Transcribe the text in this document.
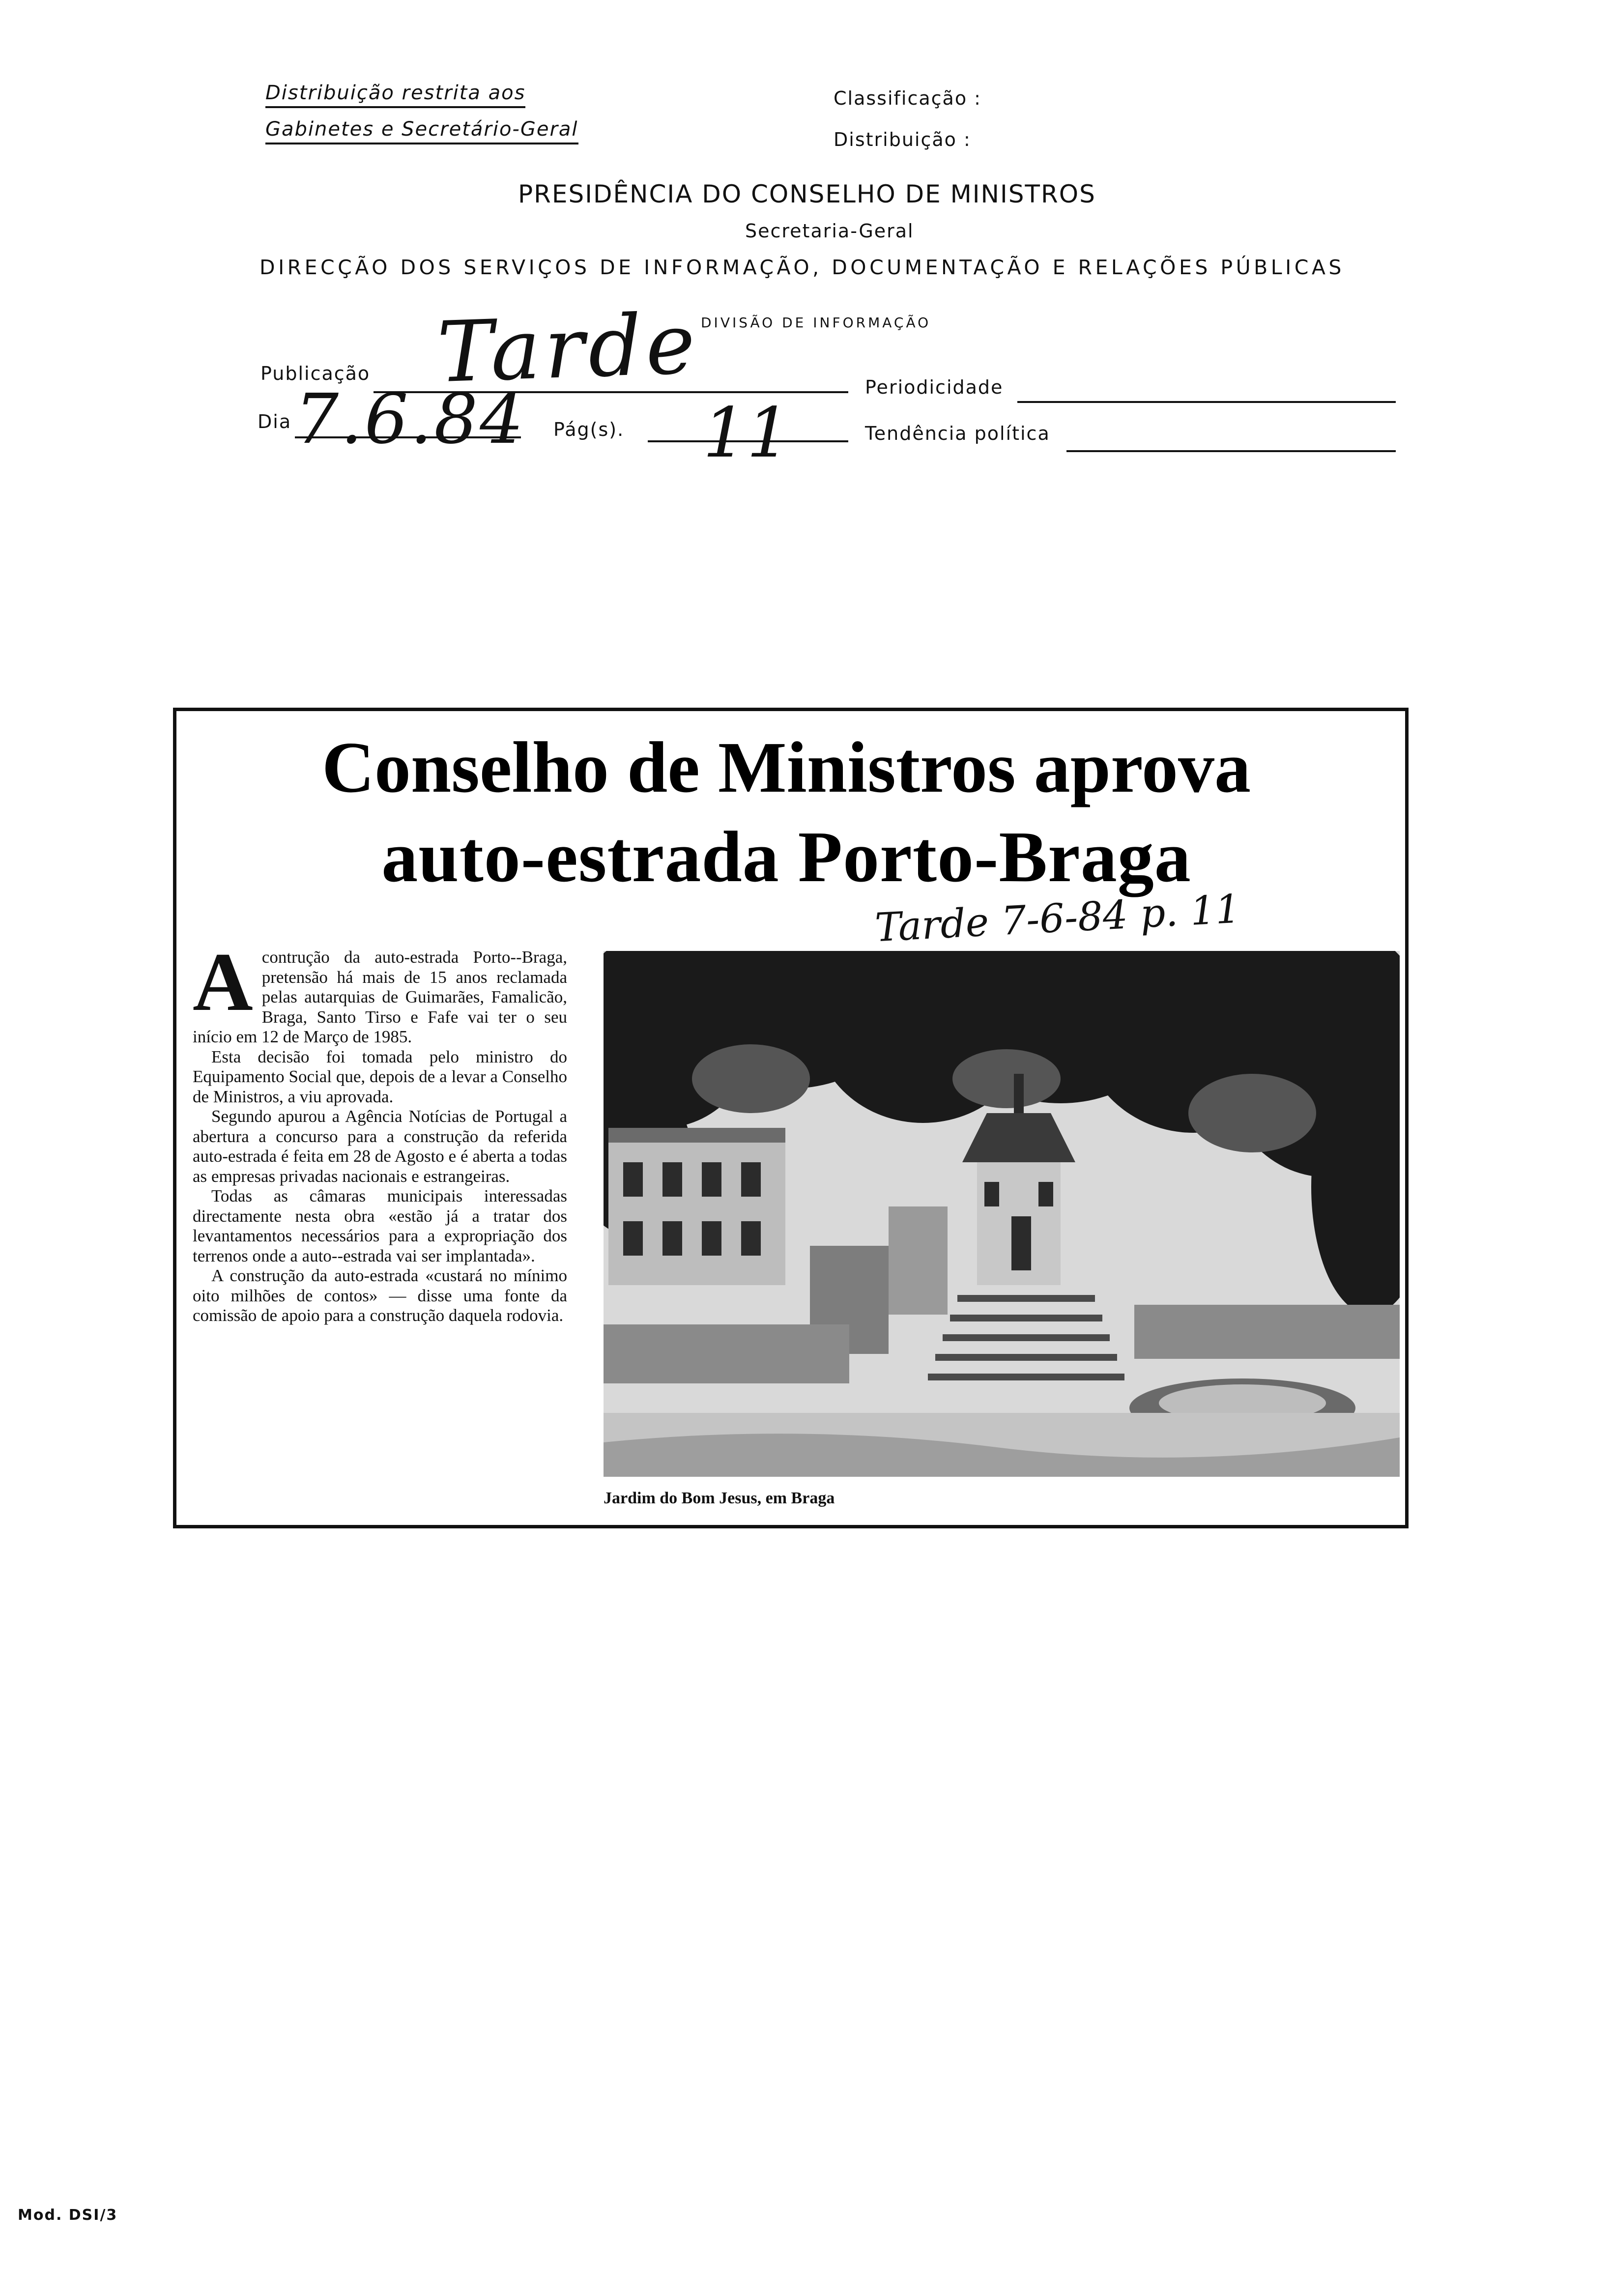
Distribuição restrita aos
Gabinetes e Secretário-Geral
Classificação :
Distribuição :
PRESIDÊNCIA DO CONSELHO DE MINISTROS
Secretaria-Geral
DIRECÇÃO DOS SERVIÇOS DE INFORMAÇÃO, DOCUMENTAÇÃO E RELAÇÕES PÚBLICAS
DIVISÃO DE INFORMAÇÃO
Publicação Tarde	Periodicidade
Dia 7.6.84 Pág(s). 11	Tendência política
Conselho de Ministros aprova
auto-estrada Porto-Braga
Tarde 7-6-84 p. 11

Acontrução da auto-estrada Porto--Braga, pretensão há mais de 15 anos reclamada pelas autarquias de Guimarães, Famalicão, Braga, Santo Tirso e Fafe vai ter o seu início em 12 de Março de 1985.

Esta decisão foi tomada pelo ministro do Equipamento Social que, depois de a levar a Conselho de Ministros, a viu aprovada.

Segundo apurou a Agência Notícias de Portugal a abertura a concurso para a construção da referida auto-estrada é feita em 28 de Agosto e é aberta a todas as empresas privadas nacionais e estrangeiras.

Todas as câmaras municipais interessadas directamente nesta obra «estão já a tratar dos levantamentos necessários para a expropriação dos terrenos onde a auto--estrada vai ser implantada».

A construção da auto-estrada «custará no mínimo oito milhões de contos» — disse uma fonte da comissão de apoio para a construção daquela rodovia.

Jardim do Bom Jesus, em Braga
Mod. DSI/3
